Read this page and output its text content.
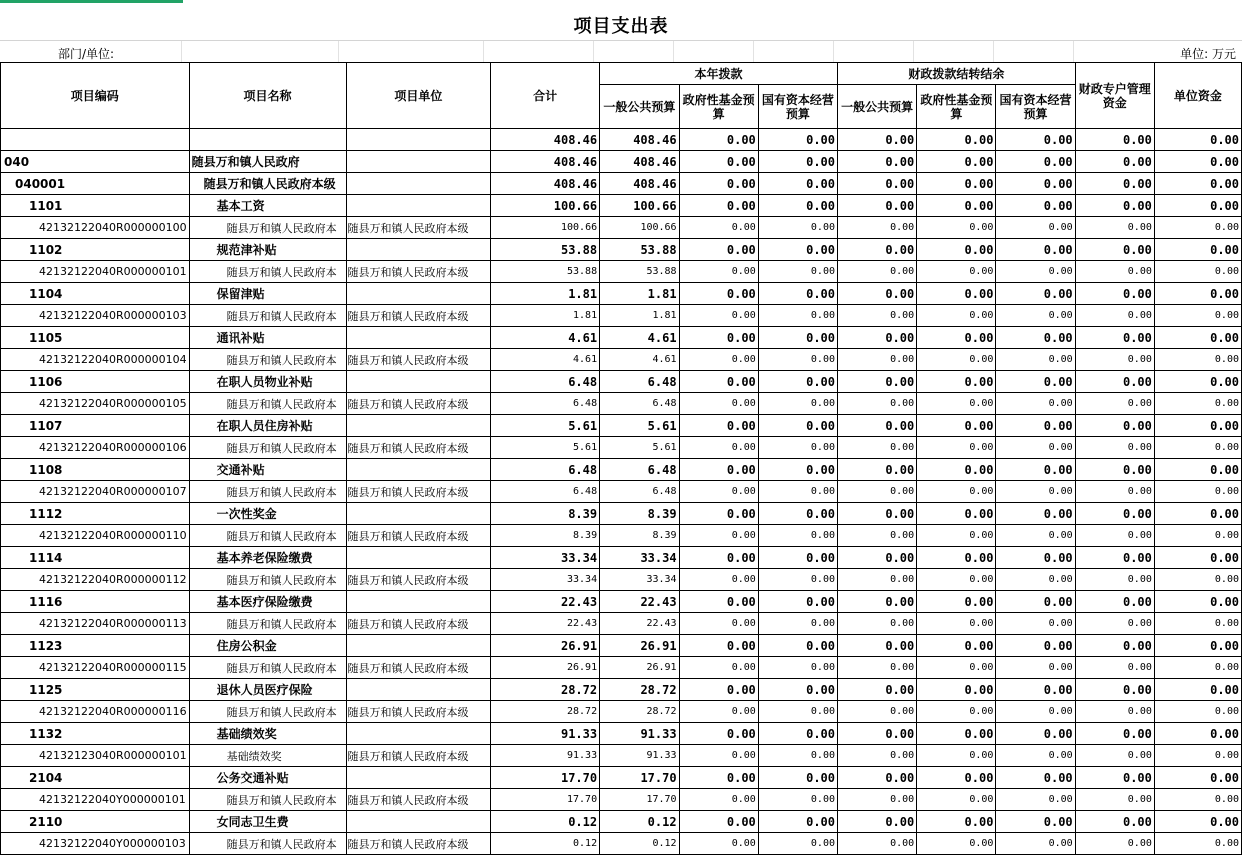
项目支出表
部门/单位:	单位: 万元
项目编码	项目名称	项目单位	合计	本年拨款			财政拨款结转结余			财政专户管理资金	单位资金
				一般公共预算	政府性基金预算	国有资本经营预算	一般公共预算	政府性基金预算	国有资本经营预算		
			408.46	408.46	0.00	0.00	0.00	0.00	0.00	0.00	0.00
040	随县万和镇人民政府		408.46	408.46	0.00	0.00	0.00	0.00	0.00	0.00	0.00
040001	随县万和镇人民政府本级		408.46	408.46	0.00	0.00	0.00	0.00	0.00	0.00	0.00
1101	基本工资		100.66	100.66	0.00	0.00	0.00	0.00	0.00	0.00	0.00
42132122040R000000100	随县万和镇人民政府本	随县万和镇人民政府本级	100.66	100.66	0.00	0.00	0.00	0.00	0.00	0.00	0.00
1102	规范津补贴		53.88	53.88	0.00	0.00	0.00	0.00	0.00	0.00	0.00
42132122040R000000101	随县万和镇人民政府本	随县万和镇人民政府本级	53.88	53.88	0.00	0.00	0.00	0.00	0.00	0.00	0.00
1104	保留津贴		1.81	1.81	0.00	0.00	0.00	0.00	0.00	0.00	0.00
42132122040R000000103	随县万和镇人民政府本	随县万和镇人民政府本级	1.81	1.81	0.00	0.00	0.00	0.00	0.00	0.00	0.00
1105	通讯补贴		4.61	4.61	0.00	0.00	0.00	0.00	0.00	0.00	0.00
42132122040R000000104	随县万和镇人民政府本	随县万和镇人民政府本级	4.61	4.61	0.00	0.00	0.00	0.00	0.00	0.00	0.00
1106	在职人员物业补贴		6.48	6.48	0.00	0.00	0.00	0.00	0.00	0.00	0.00
42132122040R000000105	随县万和镇人民政府本	随县万和镇人民政府本级	6.48	6.48	0.00	0.00	0.00	0.00	0.00	0.00	0.00
1107	在职人员住房补贴		5.61	5.61	0.00	0.00	0.00	0.00	0.00	0.00	0.00
42132122040R000000106	随县万和镇人民政府本	随县万和镇人民政府本级	5.61	5.61	0.00	0.00	0.00	0.00	0.00	0.00	0.00
1108	交通补贴		6.48	6.48	0.00	0.00	0.00	0.00	0.00	0.00	0.00
42132122040R000000107	随县万和镇人民政府本	随县万和镇人民政府本级	6.48	6.48	0.00	0.00	0.00	0.00	0.00	0.00	0.00
1112	一次性奖金		8.39	8.39	0.00	0.00	0.00	0.00	0.00	0.00	0.00
42132122040R000000110	随县万和镇人民政府本	随县万和镇人民政府本级	8.39	8.39	0.00	0.00	0.00	0.00	0.00	0.00	0.00
1114	基本养老保险缴费		33.34	33.34	0.00	0.00	0.00	0.00	0.00	0.00	0.00
42132122040R000000112	随县万和镇人民政府本	随县万和镇人民政府本级	33.34	33.34	0.00	0.00	0.00	0.00	0.00	0.00	0.00
1116	基本医疗保险缴费		22.43	22.43	0.00	0.00	0.00	0.00	0.00	0.00	0.00
42132122040R000000113	随县万和镇人民政府本	随县万和镇人民政府本级	22.43	22.43	0.00	0.00	0.00	0.00	0.00	0.00	0.00
1123	住房公积金		26.91	26.91	0.00	0.00	0.00	0.00	0.00	0.00	0.00
42132122040R000000115	随县万和镇人民政府本	随县万和镇人民政府本级	26.91	26.91	0.00	0.00	0.00	0.00	0.00	0.00	0.00
1125	退休人员医疗保险		28.72	28.72	0.00	0.00	0.00	0.00	0.00	0.00	0.00
42132122040R000000116	随县万和镇人民政府本	随县万和镇人民政府本级	28.72	28.72	0.00	0.00	0.00	0.00	0.00	0.00	0.00
1132	基础绩效奖		91.33	91.33	0.00	0.00	0.00	0.00	0.00	0.00	0.00
42132123040R000000101	基础绩效奖	随县万和镇人民政府本级	91.33	91.33	0.00	0.00	0.00	0.00	0.00	0.00	0.00
2104	公务交通补贴		17.70	17.70	0.00	0.00	0.00	0.00	0.00	0.00	0.00
42132122040Y000000101	随县万和镇人民政府本	随县万和镇人民政府本级	17.70	17.70	0.00	0.00	0.00	0.00	0.00	0.00	0.00
2110	女同志卫生费		0.12	0.12	0.00	0.00	0.00	0.00	0.00	0.00	0.00
42132122040Y000000103	随县万和镇人民政府本	随县万和镇人民政府本级	0.12	0.12	0.00	0.00	0.00	0.00	0.00	0.00	0.00
